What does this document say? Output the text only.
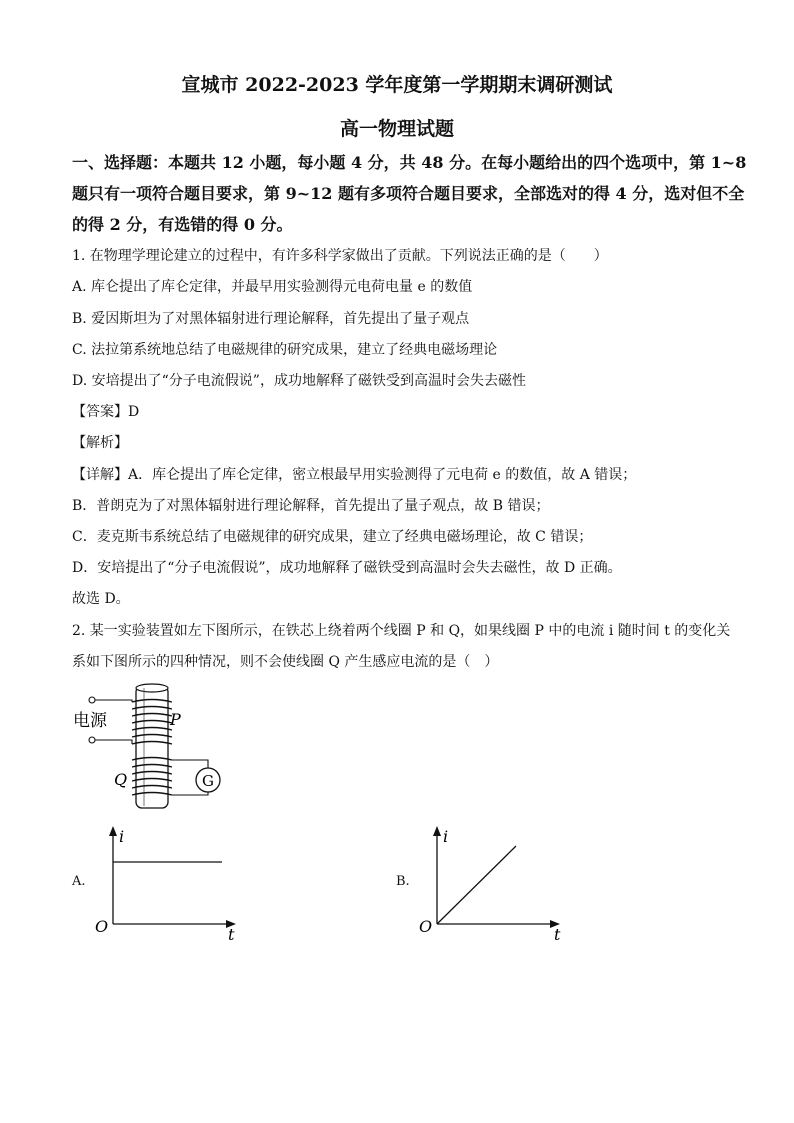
宣城市 2022-2023 学年度第一学期期末调研测试
高一物理试题
一、选择题：本题共 12 小题，每小题 4 分，共 48 分。在每小题给出的四个选项中，第 1~8
题只有一项符合题目要求，第 9~12 题有多项符合题目要求，全部选对的得 4 分，选对但不全
的得 2 分，有选错的得 0 分。
1. 在物理学理论建立的过程中，有许多科学家做出了贡献。下列说法正确的是（　　）
A. 库仑提出了库仑定律，并最早用实验测得元电荷电量 e 的数值
B. 爱因斯坦为了对黑体辐射进行理论解释，首先提出了量子观点
C. 法拉第系统地总结了电磁规律的研究成果，建立了经典电磁场理论
D. 安培提出了“分子电流假说”，成功地解释了磁铁受到高温时会失去磁性
【答案】D
【解析】
【详解】A．库仑提出了库仑定律，密立根最早用实验测得了元电荷 e 的数值，故 A 错误；
B．普朗克为了对黑体辐射进行理论解释，首先提出了量子观点，故 B 错误；
C．麦克斯韦系统总结了电磁规律的研究成果，建立了经典电磁场理论，故 C 错误；
D．安培提出了“分子电流假说”，成功地解释了磁铁受到高温时会失去磁性，故 D 正确。
故选 D。
2. 某一实验装置如左下图所示，在铁芯上绕着两个线圈 P 和 Q，如果线圈 P 中的电流 i 随时间 t 的变化关
系如下图所示的四种情况，则不会使线圈 Q 产生感应电流的是（　）
电源	P
Q	G
A.
i
t
O
B.
i
t
O
